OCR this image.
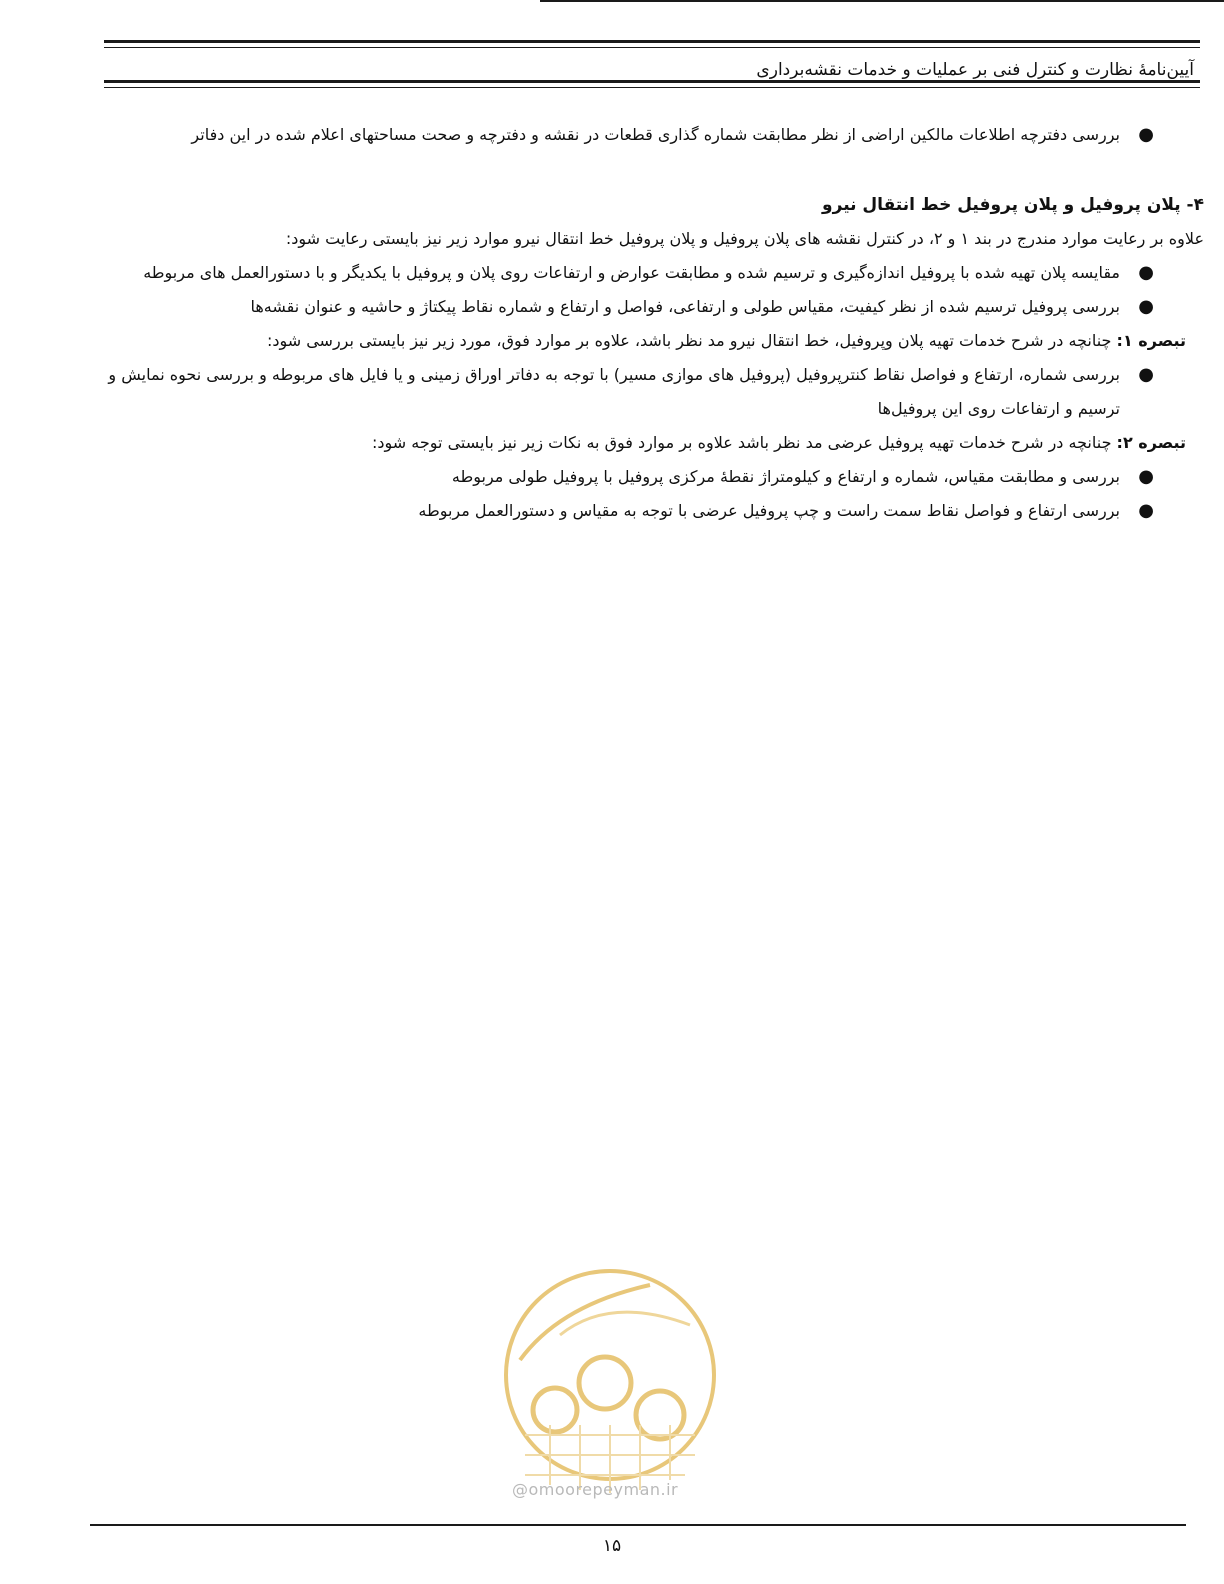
آیین‌نامهٔ نظارت و کنترل فنی بر عملیات و خدمات نقشه‌برداری
●
بررسی دفترچه اطلاعات مالکین اراضی از نظر مطابقت شماره گذاری قطعات در نقشه و دفترچه و صحت مساحتهای اعلام شده در این دفاتر
۴- پلان پروفیل و پلان پروفیل خط انتقال نیرو
علاوه بر رعایت موارد مندرج در بند ۱ و ۲، در کنترل نقشه های پلان پروفیل و پلان پروفیل خط انتقال نیرو موارد زیر نیز بایستی رعایت شود:
●
مقایسه پلان تهیه شده با پروفیل اندازه‌گیری و ترسیم شده و مطابقت عوارض و ارتفاعات روی پلان و پروفیل با یکدیگر و با دستورالعمل های مربوطه
●
بررسی پروفیل ترسیم شده از نظر کیفیت، مقیاس طولی و ارتفاعی، فواصل و ارتفاع و شماره نقاط پیکتاژ و حاشیه و عنوان نقشه‌ها
تبصره ۱: چنانچه در شرح خدمات تهیه پلان وپروفیل، خط انتقال نیرو مد نظر باشد، علاوه بر موارد فوق، مورد زیر نیز بایستی بررسی شود:
●
بررسی شماره، ارتفاع و فواصل نقاط کنترپروفیل (پروفیل های موازی مسیر) با توجه به دفاتر اوراق زمینی و یا فایل های مربوطه و بررسی نحوه نمایش و ترسیم و ارتفاعات روی این پروفیل‌ها
تبصره ۲: چنانچه در شرح خدمات تهیه پروفیل عرضی مد نظر باشد علاوه بر موارد فوق به نکات زیر نیز بایستی توجه شود:
●
بررسی و مطابقت مقیاس، شماره و ارتفاع و کیلومتراژ نقطهٔ مرکزی پروفیل با پروفیل طولی مربوطه
●
بررسی ارتفاع و فواصل نقاط سمت راست و چپ پروفیل عرضی با توجه به مقیاس و دستورالعمل مربوطه
@omoorepeyman.ir
۱۵
